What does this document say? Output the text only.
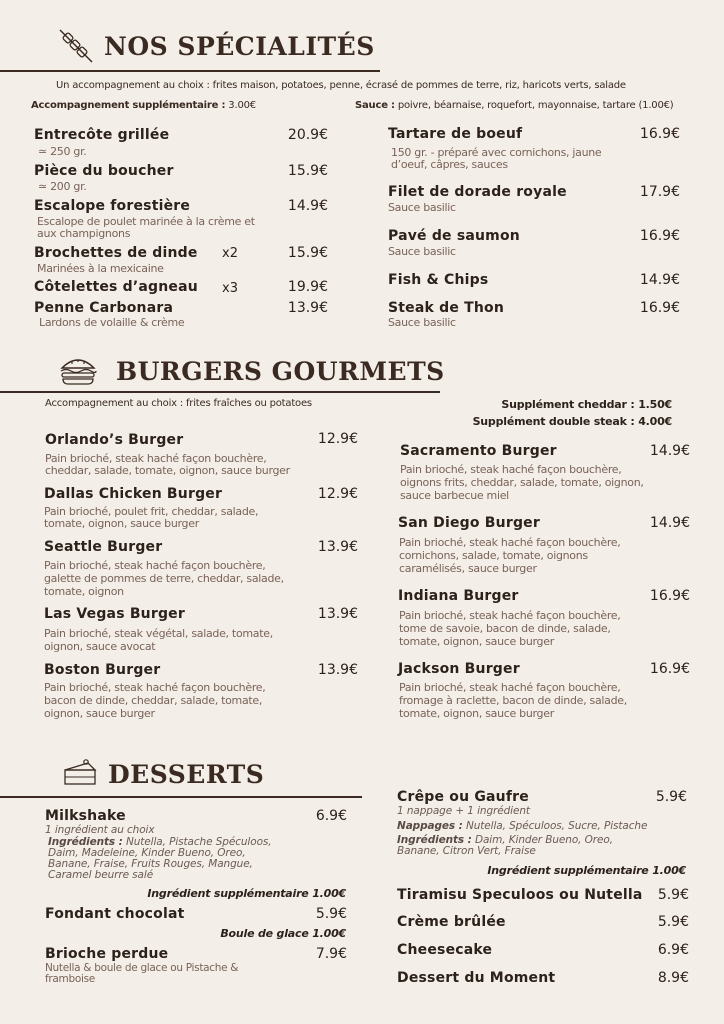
NOS SPÉCIALITÉS
Un accompagnement au choix : frites maison, potatoes, penne, écrasé de pommes de terre, riz, haricots verts, salade
Accompagnement supplémentaire : 3.00€	Sauce : poivre, béarnaise, roquefort, mayonnaise, tartare (1.00€)
Entrecôte grillée	20.9€
≃ 250 gr.
Pièce du boucher	15.9€
≃ 200 gr.
Escalope forestière	14.9€
Escalope de poulet marinée à la crème et
aux champignons
Brochettes de dinde x2	15.9€
Marinées à la mexicaine
Côtelettes d’agneau x3	19.9€
Penne Carbonara	13.9€
Lardons de volaille & crème
Tartare de boeuf	16.9€
150 gr. - préparé avec cornichons, jaune
d’oeuf, câpres, sauces
Filet de dorade royale	17.9€
Sauce basilic
Pavé de saumon	16.9€
Sauce basilic
Fish & Chips	14.9€
Steak de Thon	16.9€
Sauce basilic
BURGERS GOURMETS
Accompagnement au choix : frites fraîches ou potatoes	Supplément cheddar : 1.50€
Supplément double steak : 4.00€
Orlando’s Burger	12.9€
Pain brioché, steak haché façon bouchère,
cheddar, salade, tomate, oignon, sauce burger
Dallas Chicken Burger	12.9€
Pain brioché, poulet frit, cheddar, salade,
tomate, oignon, sauce burger
Seattle Burger	13.9€
Pain brioché, steak haché façon bouchère,
galette de pommes de terre, cheddar, salade,
tomate, oignon
Las Vegas Burger	13.9€
Pain brioché, steak végétal, salade, tomate,
oignon, sauce avocat
Boston Burger	13.9€
Pain brioché, steak haché façon bouchère,
bacon de dinde, cheddar, salade, tomate,
oignon, sauce burger
Sacramento Burger	14.9€
Pain brioché, steak haché façon bouchère,
oignons frits, cheddar, salade, tomate, oignon,
sauce barbecue miel
San Diego Burger	14.9€
Pain brioché, steak haché façon bouchère,
cornichons, salade, tomate, oignons
caramélisés, sauce burger
Indiana Burger	16.9€
Pain brioché, steak haché façon bouchère,
tome de savoie, bacon de dinde, salade,
tomate, oignon, sauce burger
Jackson Burger	16.9€
Pain brioché, steak haché façon bouchère,
fromage à raclette, bacon de dinde, salade,
tomate, oignon, sauce burger
DESSERTS
Milkshake	6.9€
1 ingrédient au choix
Ingrédients : Nutella, Pistache Spéculoos,
Daim, Madeleine, Kinder Bueno, Oreo,
Banane, Fraise, Fruits Rouges, Mangue,
Caramel beurre salé
Ingrédient supplémentaire 1.00€
Fondant chocolat	5.9€
Boule de glace 1.00€
Brioche perdue	7.9€
Nutella & boule de glace ou Pistache &
framboise
Crêpe ou Gaufre	5.9€
1 nappage + 1 ingrédient
Nappages : Nutella, Spéculoos, Sucre, Pistache
Ingrédients : Daim, Kinder Bueno, Oreo,
Banane, Citron Vert, Fraise
Ingrédient supplémentaire 1.00€
Tiramisu Speculoos ou Nutella	5.9€
Crème brûlée	5.9€
Cheesecake	6.9€
Dessert du Moment	8.9€
